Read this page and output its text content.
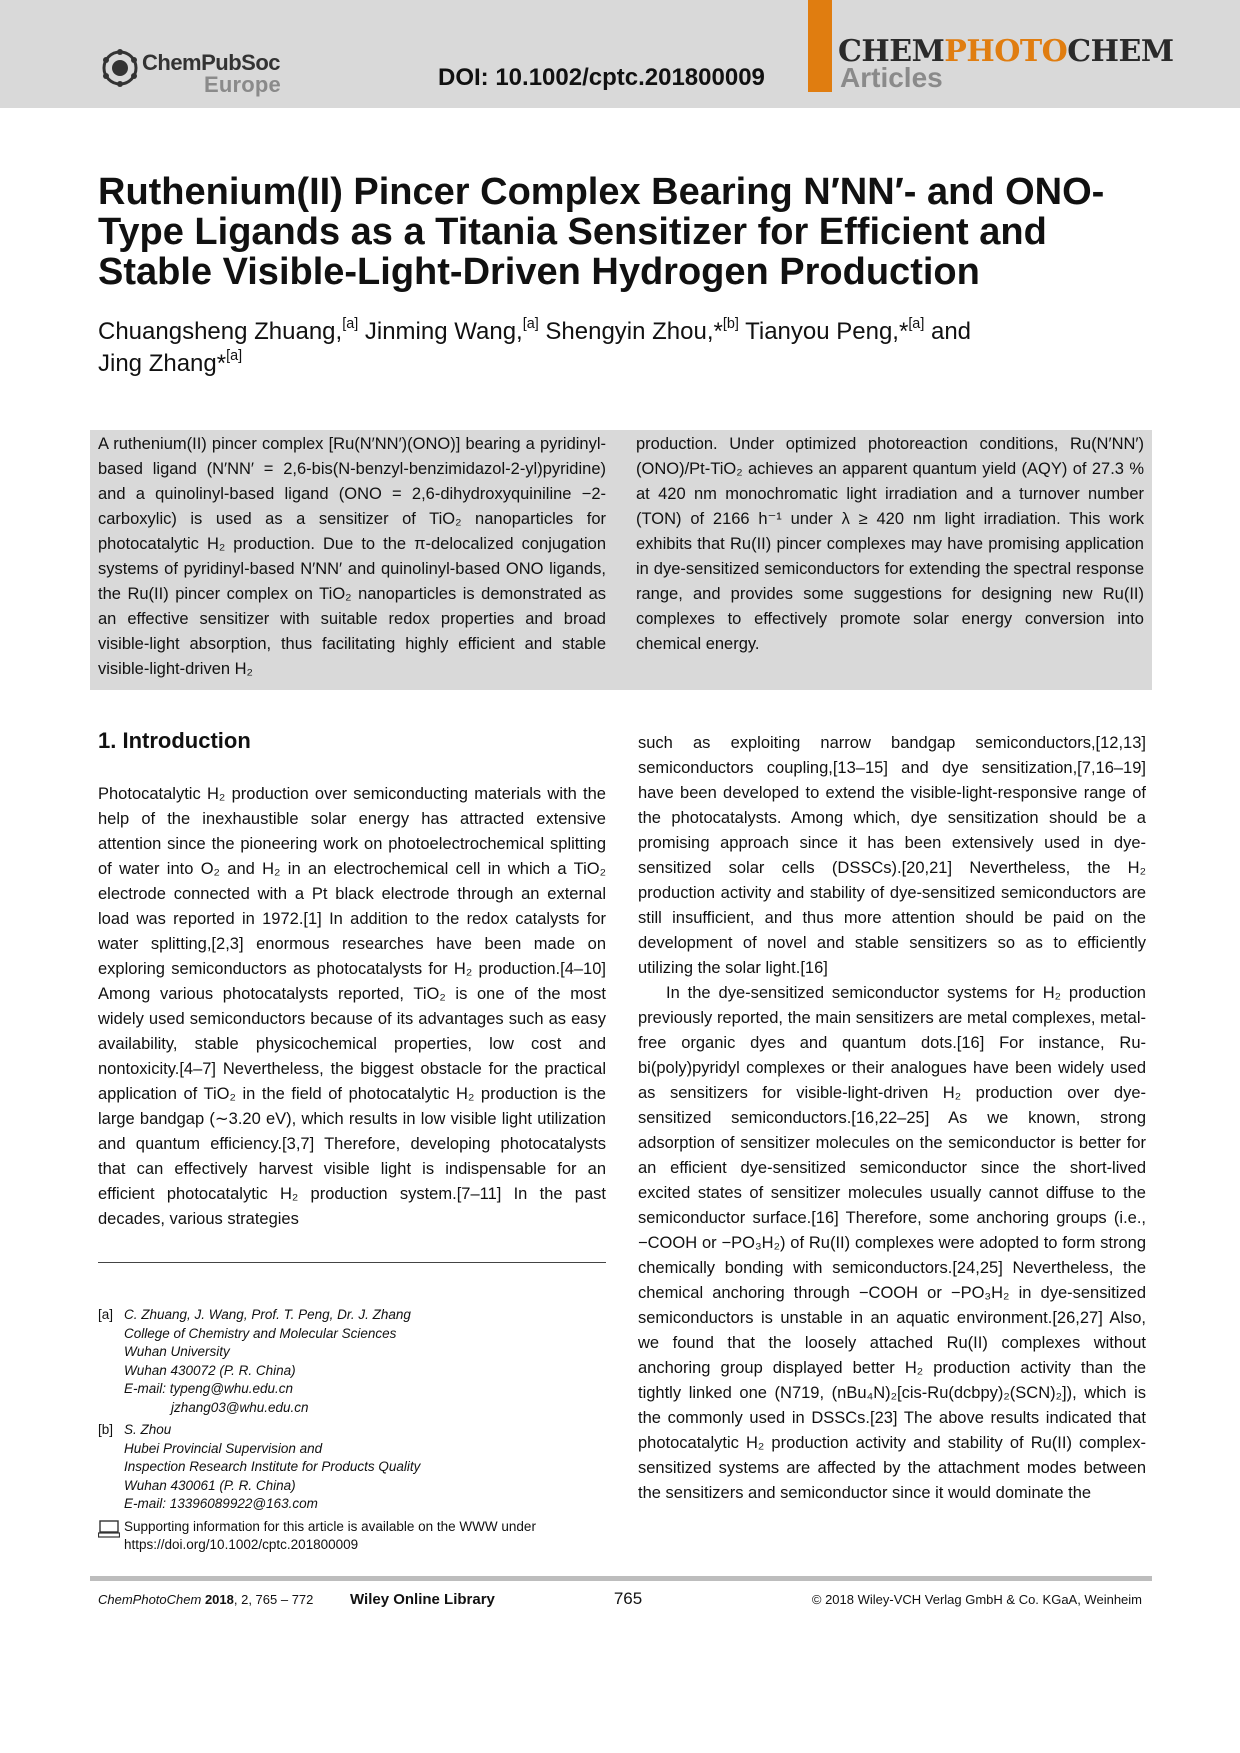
ChemPubSoc
Europe	DOI: 10.1002/cptc.201800009
CHEMPHOTOCHEM
Articles
Ruthenium(II) Pincer Complex Bearing N′NN′- and ONO-Type Ligands as a Titania Sensitizer for Efficient and Stable Visible-Light-Driven Hydrogen Production
Chuangsheng Zhuang,[a] Jinming Wang,[a] Shengyin Zhou,*[b] Tianyou Peng,*[a] and
Jing Zhang*[a]
A ruthenium(II) pincer complex [Ru(N′NN′)(ONO)] bearing a pyridinyl-based ligand (N′NN′ = 2,6-bis(N-benzyl-benzimidazol-2-yl)pyridine) and a quinolinyl-based ligand (ONO = 2,6-dihydroxyquiniline −2-carboxylic) is used as a sensitizer of TiO₂ nanoparticles for photocatalytic H₂ production. Due to the π-delocalized conjugation systems of pyridinyl-based N′NN′ and quinolinyl-based ONO ligands, the Ru(II) pincer complex on TiO₂ nanoparticles is demonstrated as an effective sensitizer with suitable redox properties and broad visible-light absorption, thus facilitating highly efficient and stable visible-light-driven H₂
production. Under optimized photoreaction conditions, Ru(N′NN′)(ONO)/Pt-TiO₂ achieves an apparent quantum yield (AQY) of 27.3 % at 420 nm monochromatic light irradiation and a turnover number (TON) of 2166 h⁻¹ under λ ≥ 420 nm light irradiation. This work exhibits that Ru(II) pincer complexes may have promising application in dye-sensitized semiconductors for extending the spectral response range, and provides some suggestions for designing new Ru(II) complexes to effectively promote solar energy conversion into chemical energy.
1. Introduction

Photocatalytic H₂ production over semiconducting materials with the help of the inexhaustible solar energy has attracted extensive attention since the pioneering work on photoelectrochemical splitting of water into O₂ and H₂ in an electrochemical cell in which a TiO₂ electrode connected with a Pt black electrode through an external load was reported in 1972.[1] In addition to the redox catalysts for water splitting,[2,3] enormous researches have been made on exploring semiconductors as photocatalysts for H₂ production.[4–10] Among various photocatalysts reported, TiO₂ is one of the most widely used semiconductors because of its advantages such as easy availability, stable physicochemical properties, low cost and nontoxicity.[4–7] Nevertheless, the biggest obstacle for the practical application of TiO₂ in the field of photocatalytic H₂ production is the large bandgap (∼3.20 eV), which results in low visible light utilization and quantum efficiency.[3,7] Therefore, developing photocatalysts that can effectively harvest visible light is indispensable for an efficient photocatalytic H₂ production system.[7–11] In the past decades, various strategies

such as exploiting narrow bandgap semiconductors,[12,13] semiconductors coupling,[13–15] and dye sensitization,[7,16–19] have been developed to extend the visible-light-responsive range of the photocatalysts. Among which, dye sensitization should be a promising approach since it has been extensively used in dye-sensitized solar cells (DSSCs).[20,21] Nevertheless, the H₂ production activity and stability of dye-sensitized semiconductors are still insufficient, and thus more attention should be paid on the development of novel and stable sensitizers so as to efficiently utilizing the solar light.[16]

In the dye-sensitized semiconductor systems for H₂ production previously reported, the main sensitizers are metal complexes, metal-free organic dyes and quantum dots.[16] For instance, Ru-bi(poly)pyridyl complexes or their analogues have been widely used as sensitizers for visible-light-driven H₂ production over dye-sensitized semiconductors.[16,22–25] As we known, strong adsorption of sensitizer molecules on the semiconductor is better for an efficient dye-sensitized semiconductor since the short-lived excited states of sensitizer molecules usually cannot diffuse to the semiconductor surface.[16] Therefore, some anchoring groups (i.e., −COOH or −PO₃H₂) of Ru(II) complexes were adopted to form strong chemically bonding with semiconductors.[24,25] Nevertheless, the chemical anchoring through −COOH or −PO₃H₂ in dye-sensitized semiconductors is unstable in an aquatic environment.[26,27] Also, we found that the loosely attached Ru(II) complexes without anchoring group displayed better H₂ production activity than the tightly linked one (N719, (nBu₄N)₂[cis-Ru(dcbpy)₂(SCN)₂]), which is the commonly used in DSSCs.[23] The above results indicated that photocatalytic H₂ production activity and stability of Ru(II) complex-sensitized systems are affected by the attachment modes between the sensitizers and semiconductor since it would dominate the

[a] C. Zhuang, J. Wang, Prof. T. Peng, Dr. J. Zhang
College of Chemistry and Molecular Sciences
Wuhan University
Wuhan 430072 (P. R. China)
E-mail: typeng@whu.edu.cn
jzhang03@whu.edu.cn
[b] S. Zhou
Hubei Provincial Supervision and
Inspection Research Institute for Products Quality
Wuhan 430061 (P. R. China)
E-mail: 13396089922@163.com
Supporting information for this article is available on the WWW under https://doi.org/10.1002/cptc.201800009
ChemPhotoChem 2018, 2, 765 – 772 Wiley Online Library	765	© 2018 Wiley-VCH Verlag GmbH & Co. KGaA, Weinheim
